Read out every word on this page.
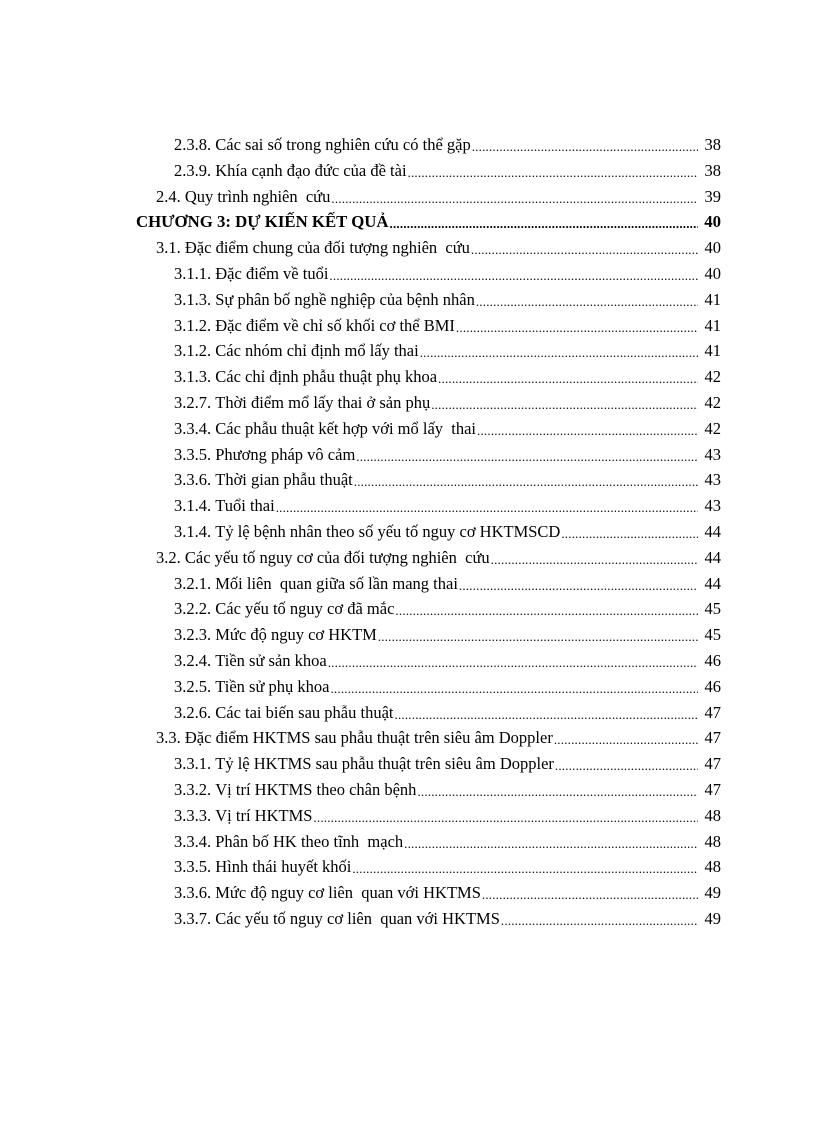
2.3.8.
Các sai số trong nghiên cứu có thể gặp .....	38
2.3.9.
Khía cạnh đạo đức của đề tài .....	38
2.4.
Quy trình nghiên  cứu .....	39
CHƯƠNG 3:
DỰ KIẾN KẾT QUẢ .....	40
3.1.
Đặc điểm chung của đối tượng nghiên  cứu .....	40
3.1.1.
Đặc điểm về tuổi .....	40
3.1.3.
Sự phân bố nghề nghiệp của bệnh nhân .....	41
3.1.2.
Đặc điểm về chỉ số khối cơ thể BMI .....	41
3.1.2.
Các nhóm chỉ định mổ lấy thai .....	41
3.1.3.
Các chỉ định phẫu thuật phụ khoa .....	42
3.2.7.
Thời điểm mổ lấy thai ở sản phụ .....	42
3.3.4.
Các phẫu thuật kết hợp với mổ lấy  thai .....	42
3.3.5.
Phương pháp vô cảm .....	43
3.3.6.
Thời gian phẫu thuật .....	43
3.1.4.
Tuổi thai .....	43
3.1.4.
Tỷ lệ bệnh nhân theo số yếu tố nguy cơ HKTMSCD .....	44
3.2.
Các yếu tố nguy cơ của đối tượng nghiên  cứu .....	44
3.2.1.
Mối liên  quan giữa số lần mang thai .....	44
3.2.2.
Các yếu tố nguy cơ đã mắc .....	45
3.2.3.
Mức độ nguy cơ HKTM .....	45
3.2.4.
Tiền sử sản khoa .....	46
3.2.5.
Tiền sử phụ khoa .....	46
3.2.6.
Các tai biến sau phẫu thuật .....	47
3.3.
Đặc điểm HKTMS sau phẫu thuật trên siêu âm Doppler .....	47
3.3.1.
Tỷ lệ HKTMS sau phẫu thuật trên siêu âm Doppler .....	47
3.3.2.
Vị trí HKTMS theo chân bệnh .....	47
3.3.3.
Vị trí HKTMS .....	48
3.3.4.
Phân bố HK theo tĩnh  mạch .....	48
3.3.5.
Hình thái huyết khối .....	48
3.3.6.
Mức độ nguy cơ liên  quan với HKTMS .....	49
3.3.7.
Các yếu tố nguy cơ liên  quan với HKTMS .....	49
